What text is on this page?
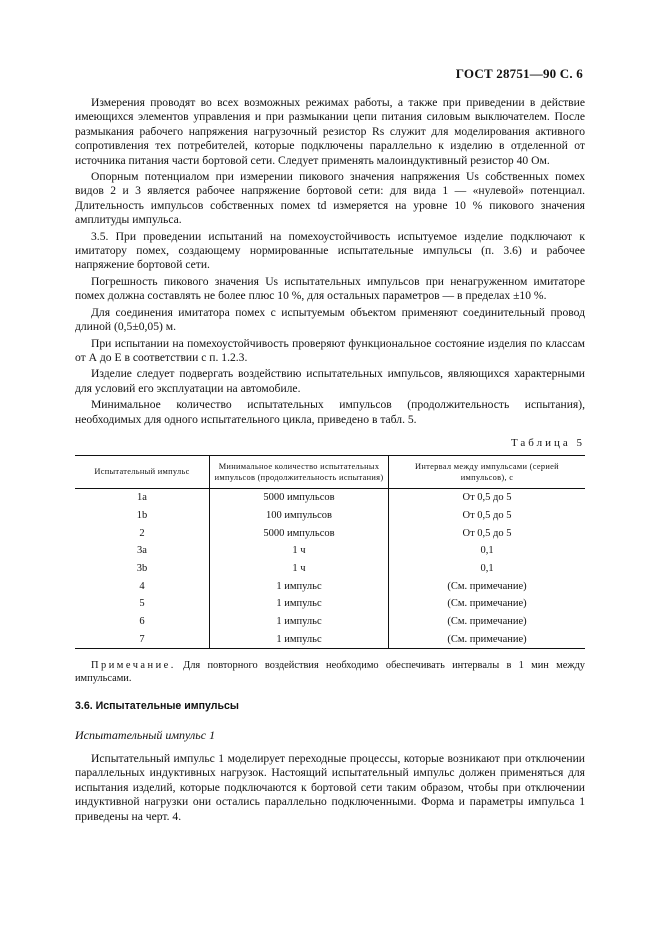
ГОСТ 28751—90 С. 6

Измерения проводят во всех возможных режимах работы, а также при приведении в действие имеющихся элементов управления и при размыкании цепи питания силовым выключателем. После размыкания рабочего напряжения нагрузочный резистор Rs служит для моделирования активного сопротивления тех потребителей, которые подключены параллельно к изделию в отделенной от источника питания части бортовой сети. Следует применять малоиндуктивный резистор 40 Ом.

Опорным потенциалом при измерении пикового значения напряжения Us собственных помех видов 2 и 3 является рабочее напряжение бортовой сети: для вида 1 — «нулевой» потенциал. Длительность импульсов собственных помех td измеряется на уровне 10 % пикового значения амплитуды импульса.

3.5. При проведении испытаний на помехоустойчивость испытуемое изделие подключают к имитатору помех, создающему нормированные испытательные импульсы (п. 3.6) и рабочее напряжение бортовой сети.

Погрешность пикового значения Us испытательных импульсов при ненагруженном имитаторе помех должна составлять не более плюс 10 %, для остальных параметров — в пределах ±10 %.

Для соединения имитатора помех с испытуемым объектом применяют соединительный провод длиной (0,5±0,05) м.

При испытании на помехоустойчивость проверяют функциональное состояние изделия по классам от А до Е в соответствии с п. 1.2.3.

Изделие следует подвергать воздействию испытательных импульсов, являющихся характерными для условий его эксплуатации на автомобиле.

Минимальное количество испытательных импульсов (продолжительность испытания), необходимых для одного испытательного цикла, приведено в табл. 5.

Таблица 5
Испытательный импульс	Минимальное количество испытательных импульсов (продолжительность испытания)	Интервал между импульсами (серией импульсов), с
1a	5000 импульсов	От 0,5 до 5
1b	100 импульсов	От 0,5 до 5
2	5000 импульсов	От 0,5 до 5
3a	1 ч	0,1
3b	1 ч	0,1
4	1 импульс	(См. примечание)
5	1 импульс	(См. примечание)
6	1 импульс	(См. примечание)
7	1 импульс	(См. примечание)

Примечание. Для повторного воздействия необходимо обеспечивать интервалы в 1 мин между импульсами.

3.6. Испытательные импульсы

Испытательный импульс 1

Испытательный импульс 1 моделирует переходные процессы, которые возникают при отключении параллельных индуктивных нагрузок. Настоящий испытательный импульс должен применяться для испытания изделий, которые подключаются к бортовой сети таким образом, чтобы при отключении индуктивной нагрузки они остались параллельно подключенными. Форма и параметры импульса 1 приведены на черт. 4.
